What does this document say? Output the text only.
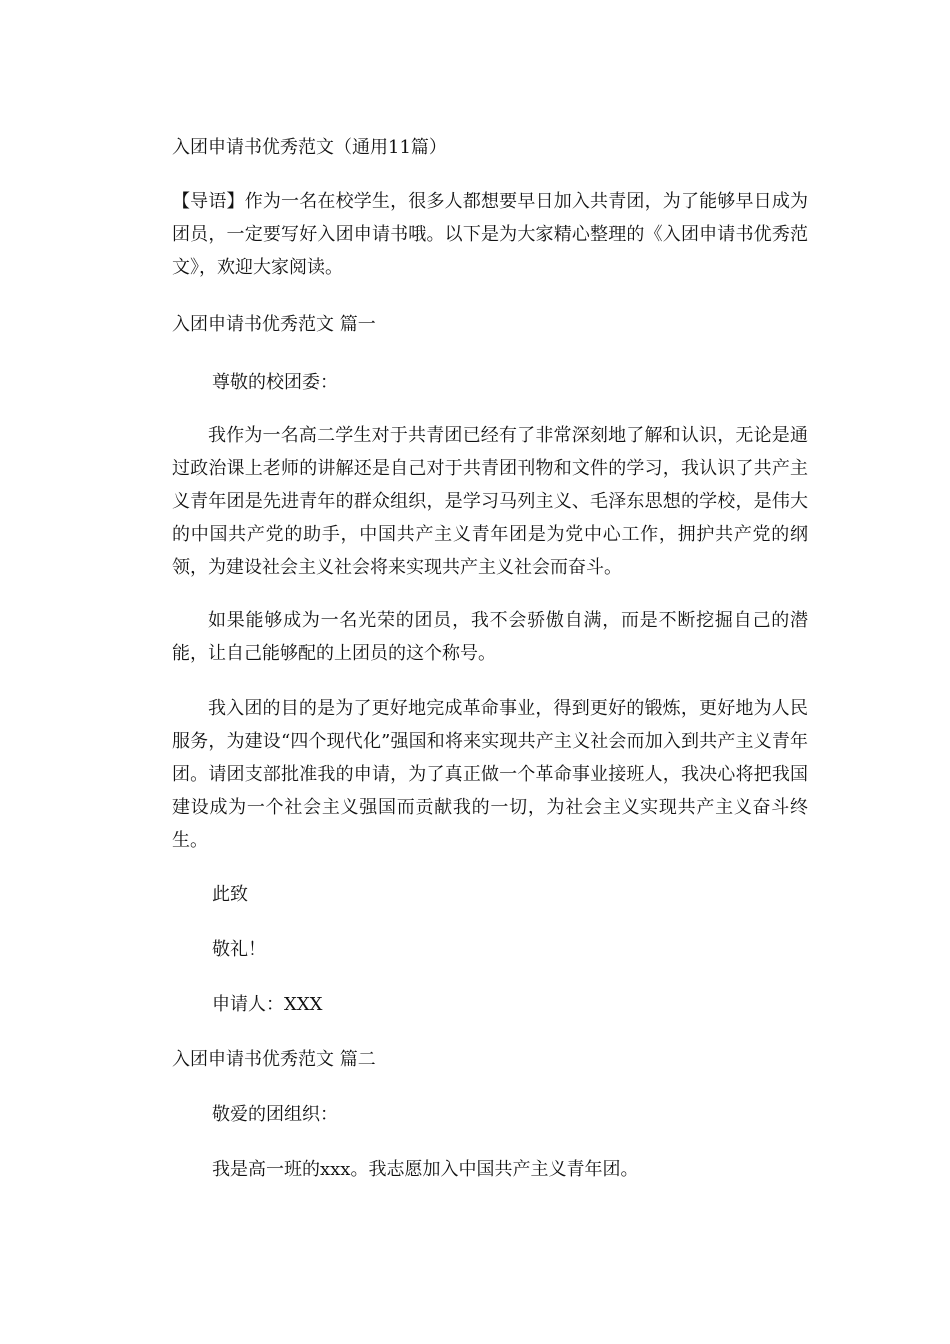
入团申请书优秀范文（通用11篇）

【导语】作为一名在校学生，很多人都想要早日加入共青团，为了能够早日成为团员，一定要写好入团申请书哦。以下是为大家精心整理的《入团申请书优秀范文》，欢迎大家阅读。

入团申请书优秀范文 篇一
尊敬的校团委：

我作为一名高二学生对于共青团已经有了非常深刻地了解和认识，无论是通过政治课上老师的讲解还是自己对于共青团刊物和文件的学习，我认识了共产主义青年团是先进青年的群众组织，是学习马列主义、毛泽东思想的学校，是伟大的中国共产党的助手，中国共产主义青年团是为党中心工作，拥护共产党的纲领，为建设社会主义社会将来实现共产主义社会而奋斗。

如果能够成为一名光荣的团员，我不会骄傲自满，而是不断挖掘自己的潜能，让自己能够配的上团员的这个称号。

我入团的目的是为了更好地完成革命事业，得到更好的锻炼，更好地为人民服务，为建设“四个现代化”强国和将来实现共产主义社会而加入到共产主义青年团。请团支部批准我的申请，为了真正做一个革命事业接班人，我决心将把我国建设成为一个社会主义强国而贡献我的一切，为社会主义实现共产主义奋斗终生。

此致
敬礼！
申请人：XXX
入团申请书优秀范文 篇二
敬爱的团组织：
我是高一班的xxx。我志愿加入中国共产主义青年团。
